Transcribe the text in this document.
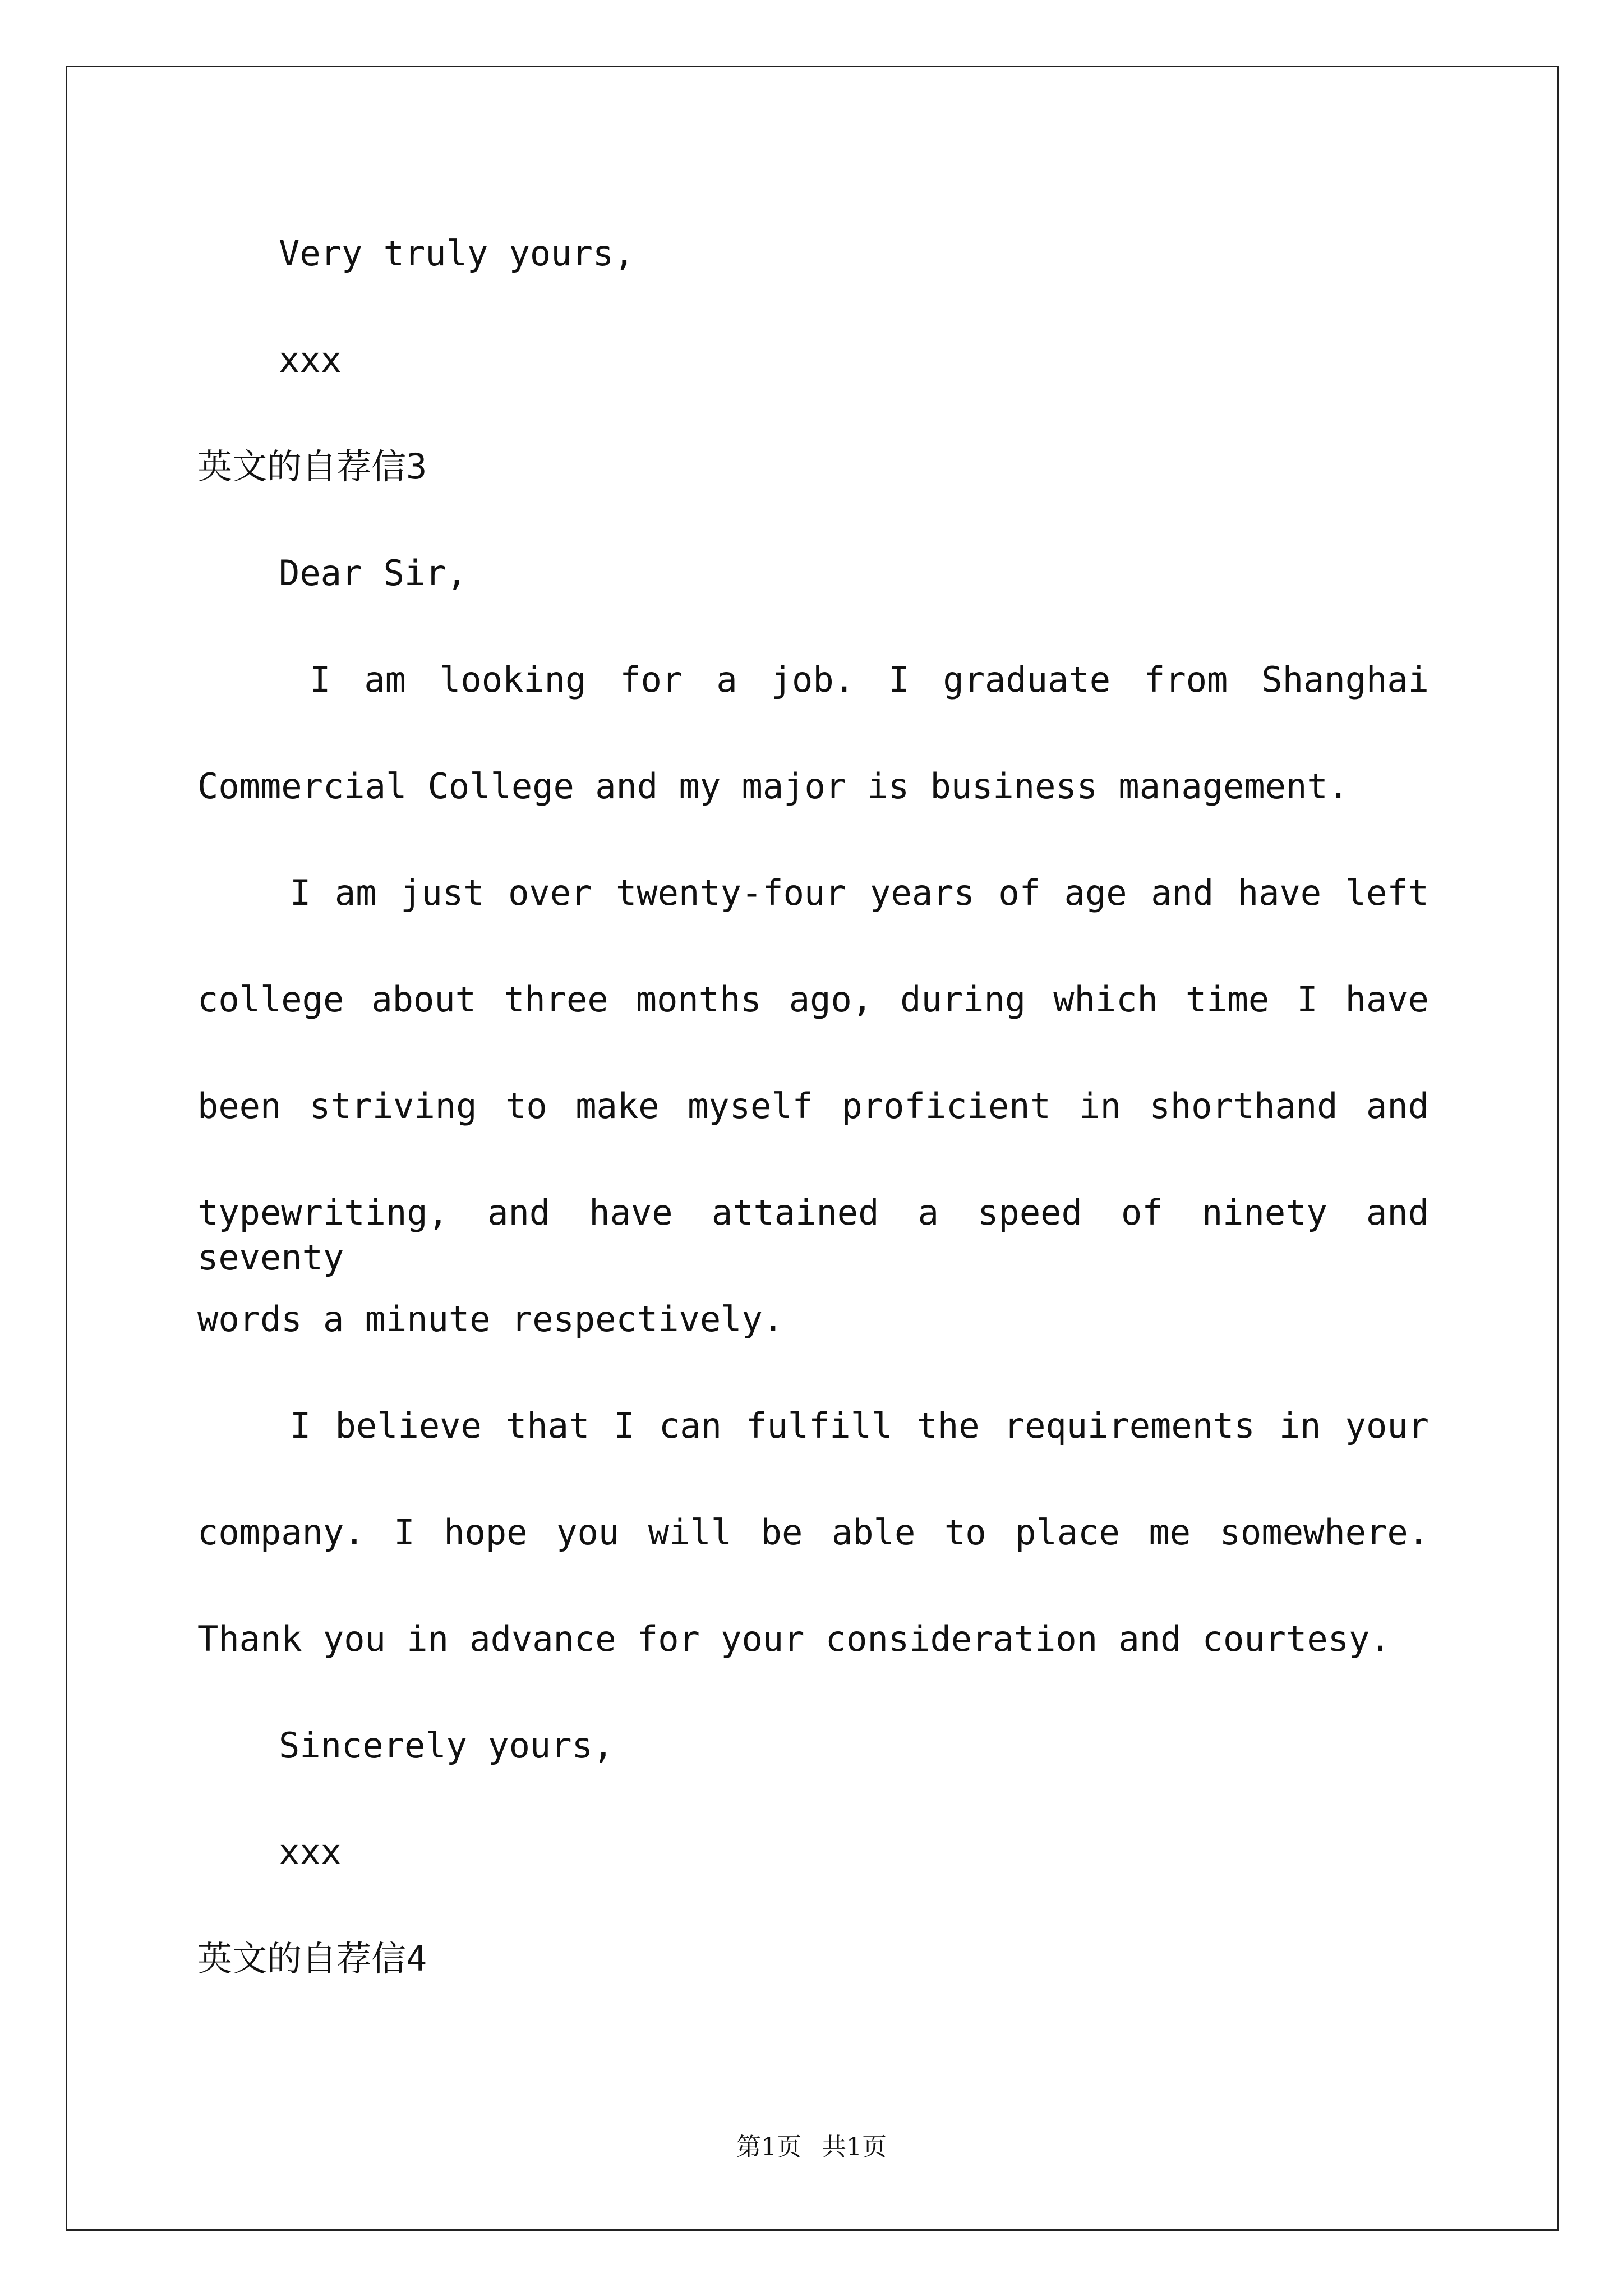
Very truly yours,
xxx
英文的自荐信3
Dear Sir,
I am looking for a job. I graduate from Shanghai
Commercial College and my major is business management.
I am just over twenty-four years of age and have left
college about three months ago, during which time I have
been striving to make myself proficient in shorthand and
typewriting, and have attained a speed of ninety and seventy
words a minute respectively.
I believe that I can fulfill the requirements in your
company. I hope you will be able to place me somewhere.
Thank you in advance for your consideration and courtesy.
Sincerely yours,
xxx
英文的自荐信4
第1页 共1页
